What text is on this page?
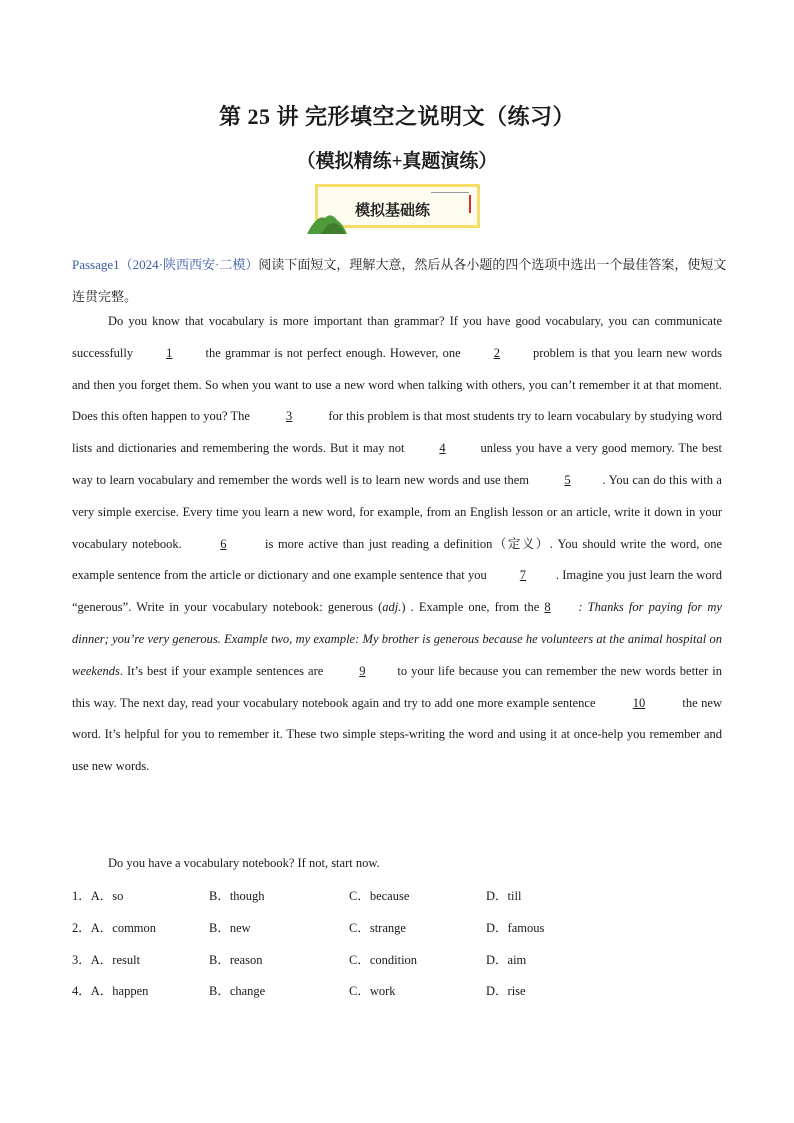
第 25 讲 完形填空之说明文（练习）
（模拟精练+真题演练）
模拟基础练
Passage1（2024·陕西西安·二模）阅读下面短文，理解大意，然后从各小题的四个选项中选出一个最佳答案，使短文连贯完整。
Do you know that vocabulary is more important than grammar? If you have good vocabulary, you can communicate successfully 1 the grammar is not perfect enough. However, one 2 problem is that you learn new words and then you forget them. So when you want to use a new word when talking with others, you can’t remember it at that moment. Does this often happen to you? The	3	for this problem is that most students try to learn vocabulary by studying word lists and dictionaries and remembering the words. But it may not 4 unless you have a very good memory. The best way to learn vocabulary and remember the words well is to learn new words and use them	5	. You can do this with a very simple exercise. Every time you learn a new word, for example, from an English lesson or an article, write it down in your vocabulary notebook.	6	is more active than just reading a definition（定义）. You should write the word, one example sentence from the article or dictionary and one example sentence that you 7 . Imagine you just learn the word “generous”. Write in your vocabulary notebook: generous (adj.) . Example one, from the 8 : Thanks for paying for my dinner; you’re very generous. Example two, my example: My brother is generous because he volunteers at the animal hospital on weekends. It’s best if your example sentences are	9	to your life because you can remember the new words better in this way. The next day, read your vocabulary notebook again and try to add one more example sentence	10	the new word. It’s helpful for you to remember it. These two simple steps-writing the word and using it at once-help you remember and use new words.
Do you have a vocabulary notebook? If not, start now.
1．A．so	B．though	C．because	D．till
2．A．common	B．new	C．strange	D．famous
3．A．result	B．reason	C．condition	D．aim
4．A．happen	B．change	C．work	D．rise
